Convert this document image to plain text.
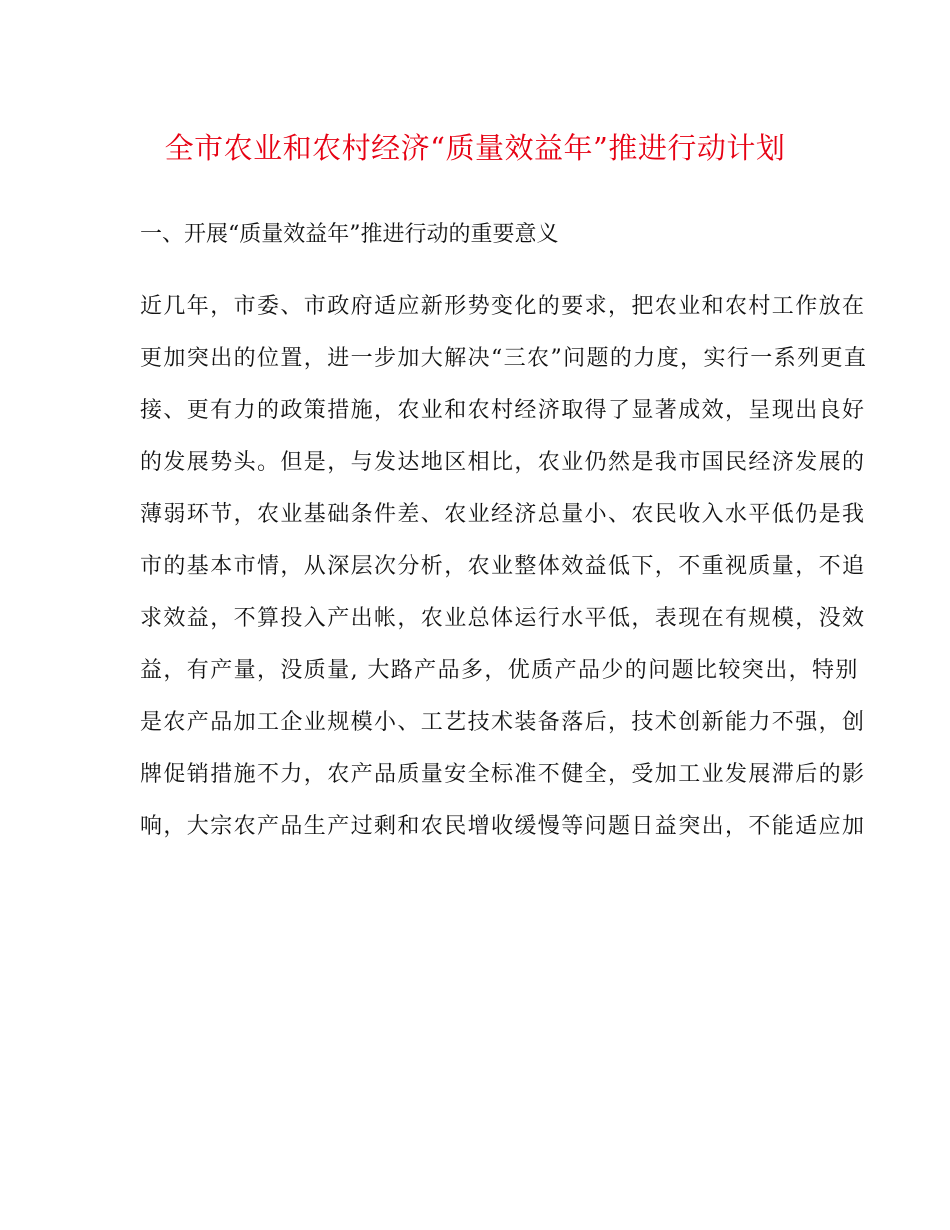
全市农业和农村经济“质量效益年”推进行动计划
一、开展“质量效益年”推进行动的重要意义
近几年，市委、市政府适应新形势变化的要求，把农业和农村工作放在
更加突出的位置，进一步加大解决“三农”问题的力度，实行一系列更直
接、更有力的政策措施，农业和农村经济取得了显著成效，呈现出良好
的发展势头。但是，与发达地区相比，农业仍然是我市国民经济发展的
薄弱环节，农业基础条件差、农业经济总量小、农民收入水平低仍是我
市的基本市情，从深层次分析，农业整体效益低下，不重视质量，不追
求效益，不算投入产出帐，农业总体运行水平低，表现在有规模，没效
益，有产量，没质量, 大路产品多，优质产品少的问题比较突出，特别
是农产品加工企业规模小、工艺技术装备落后，技术创新能力不强，创
牌促销措施不力，农产品质量安全标准不健全，受加工业发展滞后的影
响，大宗农产品生产过剩和农民增收缓慢等问题日益突出，不能适应加
